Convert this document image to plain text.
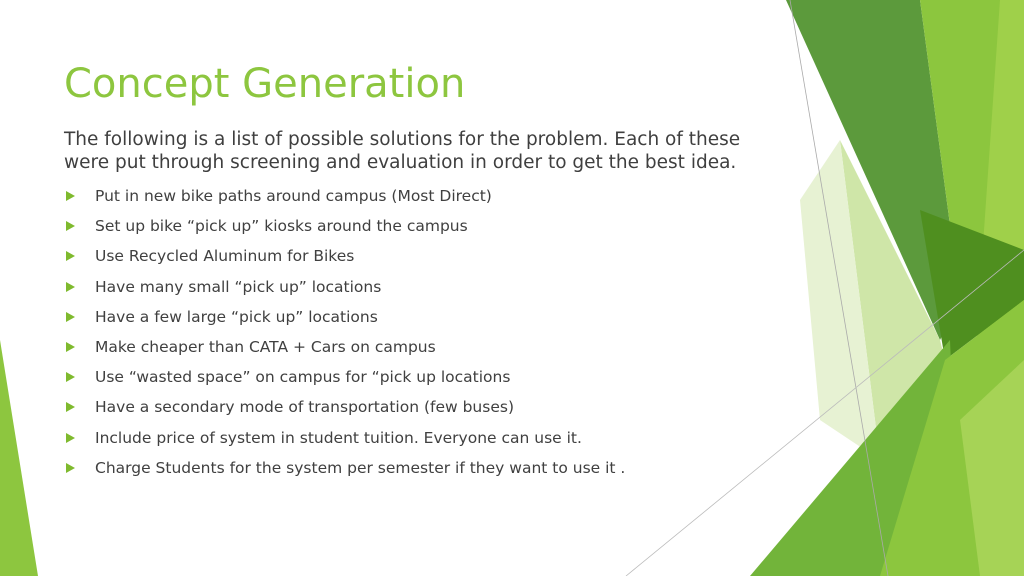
Concept Generation

The following is a list of possible solutions for the problem. Each of these were put through screening and evaluation in order to get the best idea.

Put in new bike paths around campus (Most Direct)
Set up bike “pick up” kiosks around the campus
Use Recycled Aluminum for Bikes
Have many small “pick up” locations
Have a few large “pick up” locations
Make cheaper than CATA + Cars on campus
Use “wasted space” on campus for “pick up locations
Have a secondary mode of transportation (few buses)
Include price of system in student tuition. Everyone can use it.
Charge Students for the system per semester if they want to use it .
